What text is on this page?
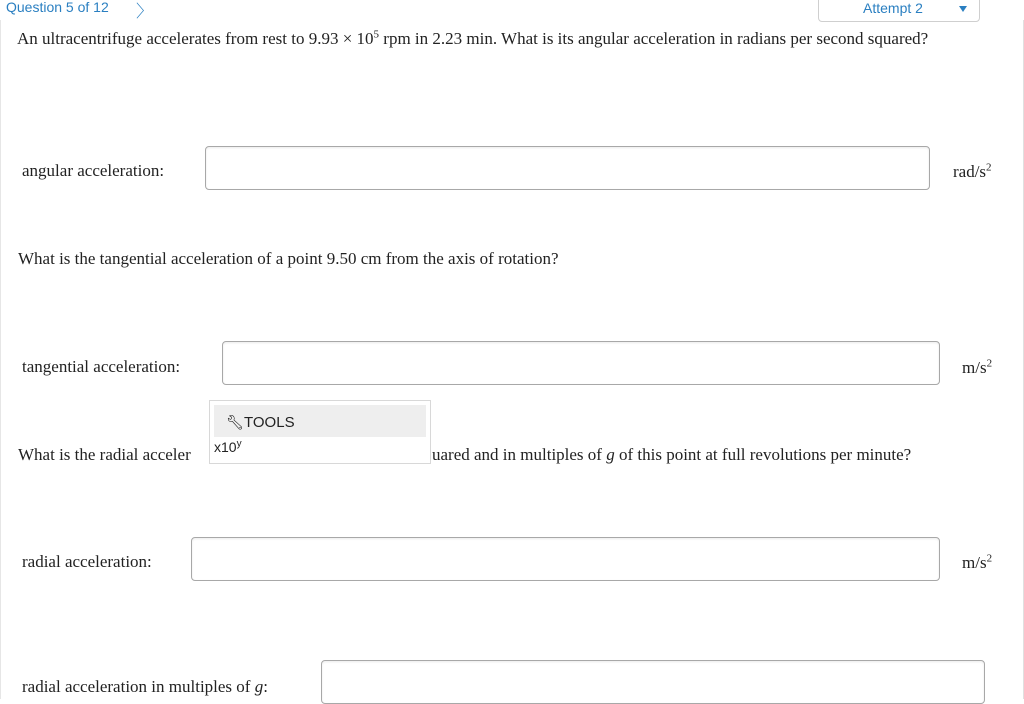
Question 5 of 12 〉	Attempt 2
An ultracentrifuge accelerates from rest to $9.93 \times 10^5$ rpm in 2.23 min. What is its angular acceleration in radians per second squared?
angular acceleration:	rad/$s^2$
What is the tangential acceleration of a point 9.50 cm from the axis of rotation?
tangential acceleration:	$m/s^2$
What is the radial acceler	uared and in multiples of g of this point at full revolutions per minute?
🔧︎ TOOLS
x10$^y$
radial acceleration:	$m/s^2$
radial acceleration in multiples of g:
